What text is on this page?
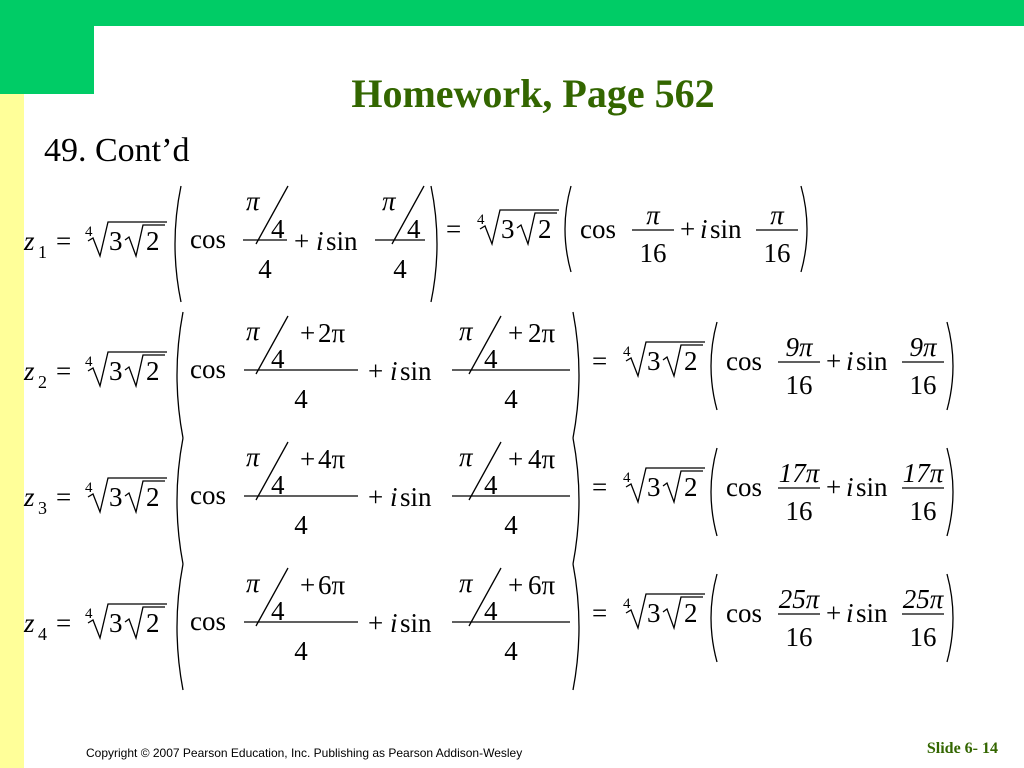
Homework, Page 562
49. Cont’d
z 1 = 4 3 2 cos
π
4
4
+ i sin
π
4
4
= 4 3 2 cos π
16
+ i sin π
16
z 2 = 4 3 2 cos
π
4
+ 2π
4
+ i sin
π
4
+ 2π
4
= 4 3 2 cos 9π
16
+ i sin 9π
16
z 3 = 4 3 2 cos
π
4
+ 4π
4
+ i sin
π
4
+ 4π
4
= 4 3 2 cos 17π
16
+ i sin 17π
16
z 4 = 4 3 2 cos
π
4
+ 6π
4
+ i sin
π
4
+ 6π
4
= 4 3 2 cos 25π
16
+ i sin 25π
16
Copyright © 2007 Pearson Education, Inc. Publishing as Pearson Addison-Wesley	Slide 6- 14
